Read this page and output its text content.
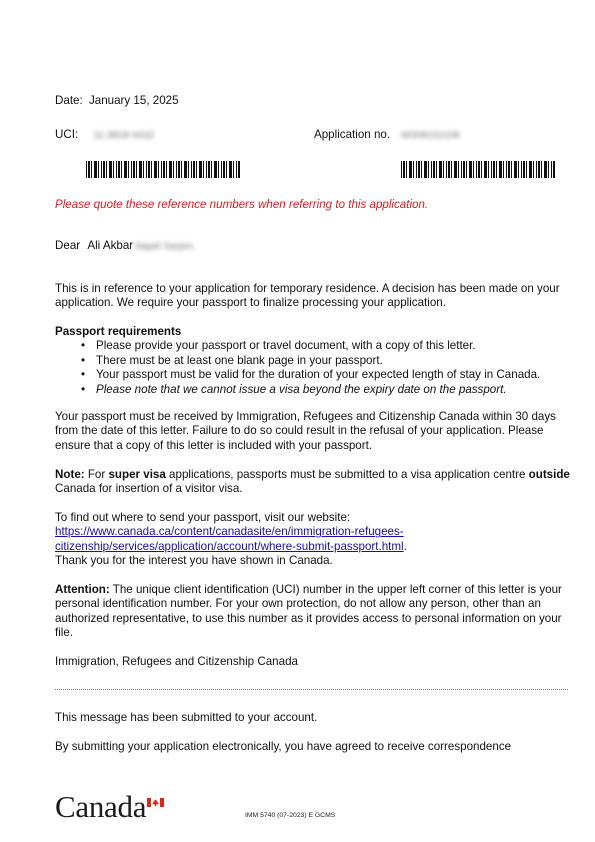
Date: January 15, 2025
UCI: 11-3818-4432	Application no. W308152108
Please quote these reference numbers when referring to this application.
Dear Ali Akbar Najafi Sarpiri,
This is in reference to your application for temporary residence. A decision has been made on your application. We require your passport to finalize processing your application.
Passport requirements
• Please provide your passport or travel document, with a copy of this letter.
• There must be at least one blank page in your passport.
• Your passport must be valid for the duration of your expected length of stay in Canada.
• Please note that we cannot issue a visa beyond the expiry date on the passport.
Your passport must be received by Immigration, Refugees and Citizenship Canada within 30 days from the date of this letter. Failure to do so could result in the refusal of your application. Please ensure that a copy of this letter is included with your passport.
Note: For super visa applications, passports must be submitted to a visa application centre outside Canada for insertion of a visitor visa.
To find out where to send your passport, visit our website: https://www.canada.ca/content/canadasite/en/immigration-refugees-citizenship/services/application/account/where-submit-passport.html.
Thank you for the interest you have shown in Canada.
Attention: The unique client identification (UCI) number in the upper left corner of this letter is your personal identification number. For your own protection, do not allow any person, other than an authorized representative, to use this number as it provides access to personal information on your file.
Immigration, Refugees and Citizenship Canada
This message has been submitted to your account.
By submitting your application electronically, you have agreed to receive correspondence
Canada	IMM 5740 (07-2023) E GCMS
